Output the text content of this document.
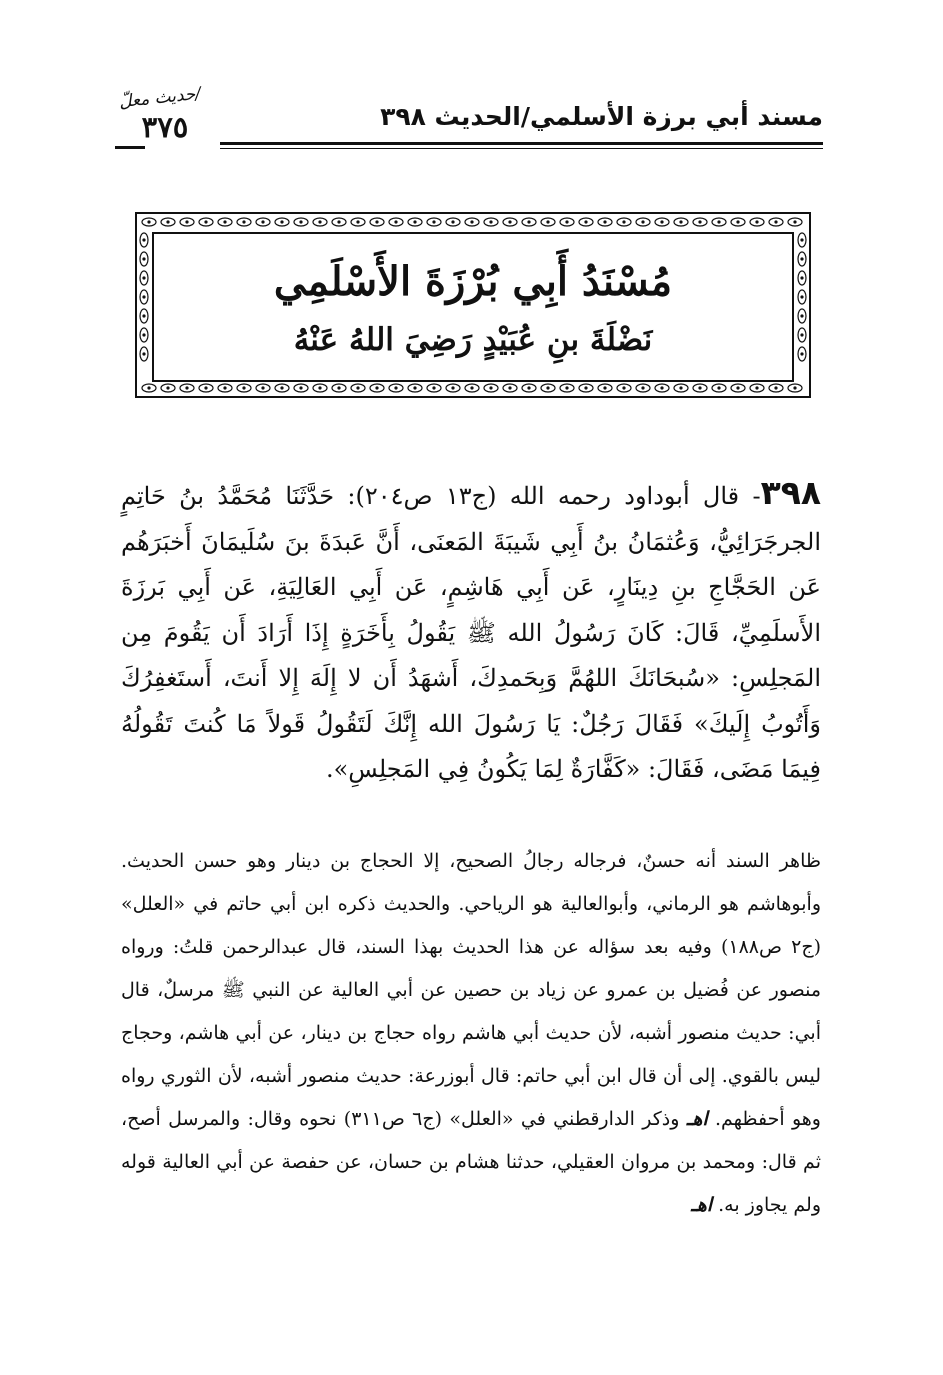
مسند أبي برزة الأسلمي/الحديث ٣٩٨
/حديث معلّ
٣٧٥
مُسْنَدُ أَبِي بُرْزَةَ الأَسْلَمِي
نَضْلَةَ بنِ عُبَيْدٍ رَضِيَ اللهُ عَنْهُ
٣٩٨- قال أبوداود رحمه الله (ج١٣ ص٢٠٤): حَدَّثَنَا مُحَمَّدُ بنُ حَاتِمٍ الجرجَرَائِيُّ، وَعُثمَانُ بنُ أَبِي شَيبَةَ المَعنَى، أَنَّ عَبدَةَ بنَ سُلَيمَانَ أَخبَرَهُم عَن الحَجَّاجِ بنِ دِينَارٍ، عَن أَبِي هَاشِمٍ، عَن أَبِي العَالِيَةِ، عَن أَبِي بَرزَةَ الأَسلَمِيِّ، قَالَ: كَانَ رَسُولُ الله ﷺ يَقُولُ بِأَخَرَةٍ إِذَا أَرَادَ أَن يَقُومَ مِن المَجلِسِ: «سُبحَانَكَ اللهُمَّ وَبِحَمدِكَ، أَشهَدُ أَن لا إِلَهَ إِلا أَنتَ، أَستَغفِرُكَ وَأَتُوبُ إِلَيكَ» فَقَالَ رَجُلٌ: يَا رَسُولَ الله إِنَّكَ لَتَقُولُ قَولاً مَا كُنتَ تَقُولُهُ فِيمَا مَضَى، فَقَالَ: «كَفَّارَةٌ لِمَا يَكُونُ فِي المَجلِسِ».
ظاهر السند أنه حسنٌ، فرجاله رجالُ الصحيح، إلا الحجاج بن دينار وهو حسن الحديث. وأبوهاشم هو الرماني، وأبوالعالية هو الرياحي. والحديث ذكره ابن أبي حاتم في «العلل» (ج٢ ص١٨٨) وفيه بعد سؤاله عن هذا الحديث بهذا السند، قال عبدالرحمن قلتُ: ورواه منصور عن فُضيل بن عمرو عن زياد بن حصين عن أبي العالية عن النبي ﷺ مرسلٌ، قال أبي: حديث منصور أشبه، لأن حديث أبي هاشم رواه حجاج بن دينار، عن أبي هاشم، وحجاج ليس بالقوي. إلى أن قال ابن أبي حاتم: قال أبوزرعة: حديث منصور أشبه، لأن الثوري رواه وهو أحفظهم. اهـ وذكر الدارقطني في «العلل» (ج٦ ص٣١١) نحوه وقال: والمرسل أصح، ثم قال: ومحمد بن مروان العقيلي، حدثنا هشام بن حسان، عن حفصة عن أبي العالية قوله ولم يجاوز به. اهـ
